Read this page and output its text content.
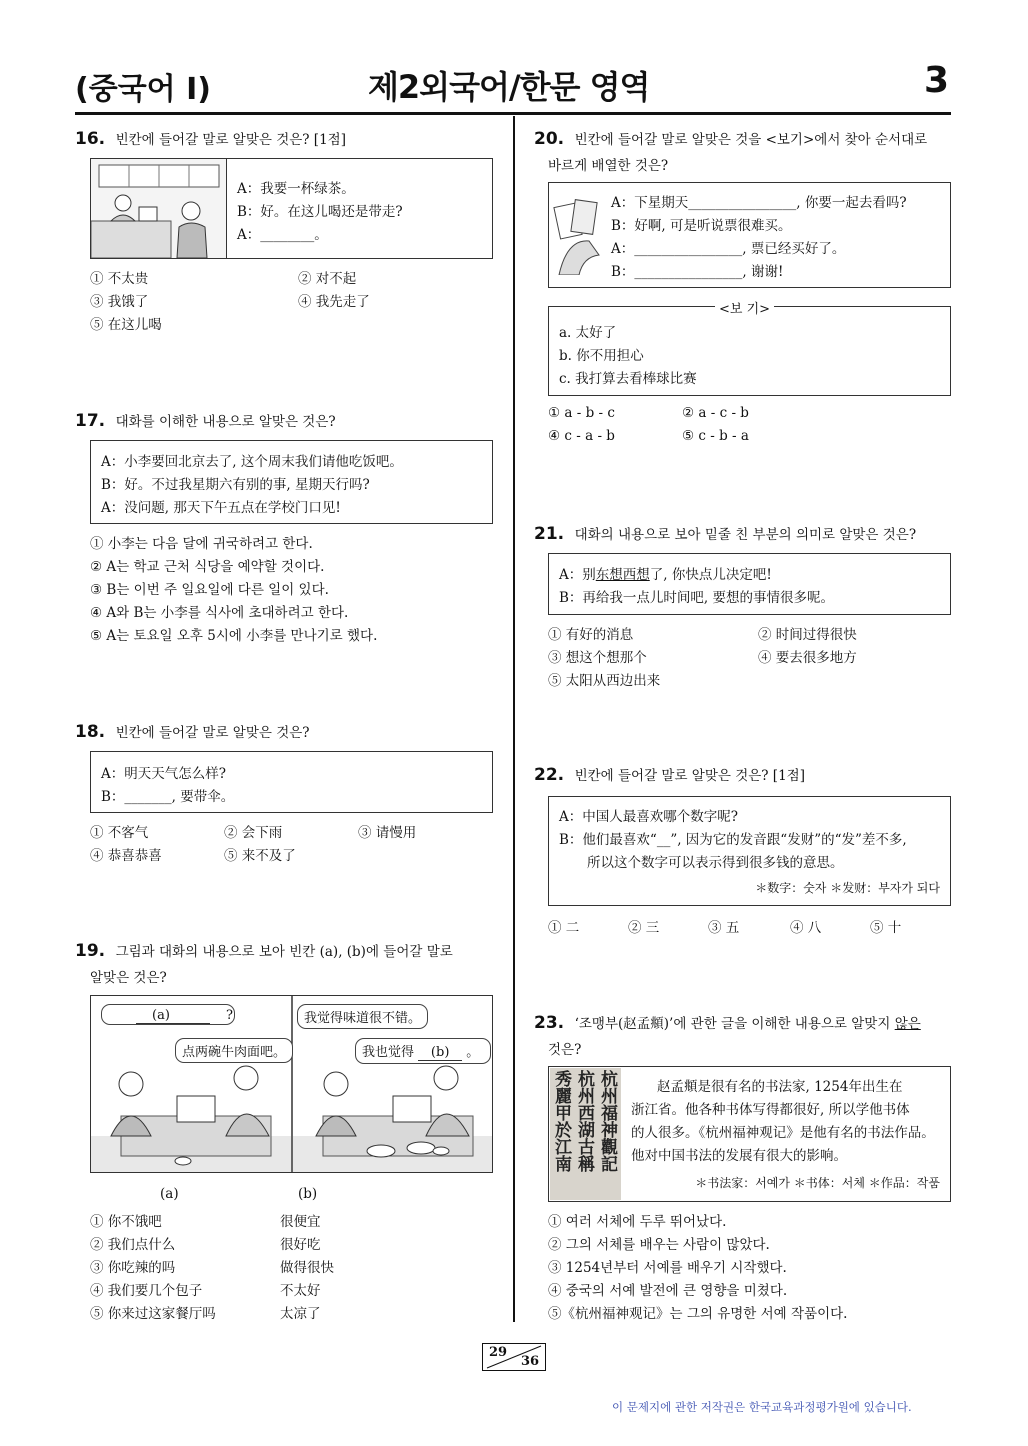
(중국어 I)	제2외국어/한문 영역	3
16. 빈칸에 들어갈 말로 알맞은 것은? [1점]
A：我要一杯绿茶。
B：好。在这儿喝还是带走?
A：________。
① 不太贵	② 对不起
③ 我饿了	④ 我先走了
⑤ 在这儿喝
17. 대화를 이해한 내용으로 알맞은 것은?
A：小李要回北京去了, 这个周末我们请他吃饭吧。
B：好。不过我星期六有别的事, 星期天行吗?
A：没问题, 那天下午五点在学校门口见!
① 小李는 다음 달에 귀국하려고 한다.
② A는 학교 근처 식당을 예약할 것이다.
③ B는 이번 주 일요일에 다른 일이 있다.
④ A와 B는 小李를 식사에 초대하려고 한다.
⑤ A는 토요일 오후 5시에 小李를 만나기로 했다.
18. 빈칸에 들어갈 말로 알맞은 것은?
A：明天天气怎么样?
B：_______, 要带伞。
① 不客气	② 会下雨	③ 请慢用
④ 恭喜恭喜	⑤ 来不及了
19. 그림과 대화의 내용으로 보아 빈칸 (a), (b)에 들어갈 말로
알맞은 것은?
(a)	?

点两碗牛肉面吧。
我觉得味道很不错。
我也觉得 (b) 。
(a)	(b)
① 你不饿吧	很便宜
② 我们点什么	很好吃
③ 你吃辣的吗	做得很快
④ 我们要几个包子	不太好
⑤ 你来过这家餐厅吗	太凉了
20. 빈칸에 들어갈 말로 알맞은 것을 <보기>에서 찾아 순서대로
바르게 배열한 것은?
A：下星期天________________, 你要一起去看吗?
B：好啊, 可是听说票很难买。
A：________________, 票已经买好了。
B：________________, 谢谢!
<보 기>
a. 太好了
b. 你不用担心
c. 我打算去看棒球比赛
① a - b - c	② a - c - b
④ c - a - b	⑤ c - b - a
21. 대화의 내용으로 보아 밑줄 친 부분의 의미로 알맞은 것은?
A：别东想西想了, 你快点儿决定吧!
B：再给我一点儿时间吧, 要想的事情很多呢。
① 有好的消息	② 时间过得很快
③ 想这个想那个	④ 要去很多地方
⑤ 太阳从西边出来
22. 빈칸에 들어갈 말로 알맞은 것은? [1점]
A：中国人最喜欢哪个数字呢?
B：他们最喜欢“__”, 因为它的发音跟“发财”的“发”差不多,
所以这个数字可以表示得到很多钱的意思。
＊数字：숫자 ＊发财：부자가 되다
① 二	② 三	③ 五	④ 八	⑤ 十
23. ‘조맹부(赵孟頫)’에 관한 글을 이해한 내용으로 알맞지 않은
것은?
杭州福神觀記
杭州西湖古稱
秀麗甲於江南	赵孟頫是很有名的书法家, 1254年出生在
浙江省。他各种书体写得都很好, 所以学他书体
的人很多。《杭州福神观记》是他有名的书法作品。
他对中国书法的发展有很大的影响。
＊书法家：서예가 ＊书体：서체 ＊作品：작품
① 여러 서체에 두루 뛰어났다.
② 그의 서체를 배우는 사람이 많았다.
③ 1254년부터 서예를 배우기 시작했다.
④ 중국의 서예 발전에 큰 영향을 미쳤다.
⑤《杭州福神观记》는 그의 유명한 서예 작품이다.
29
36
이 문제지에 관한 저작권은 한국교육과정평가원에 있습니다.
